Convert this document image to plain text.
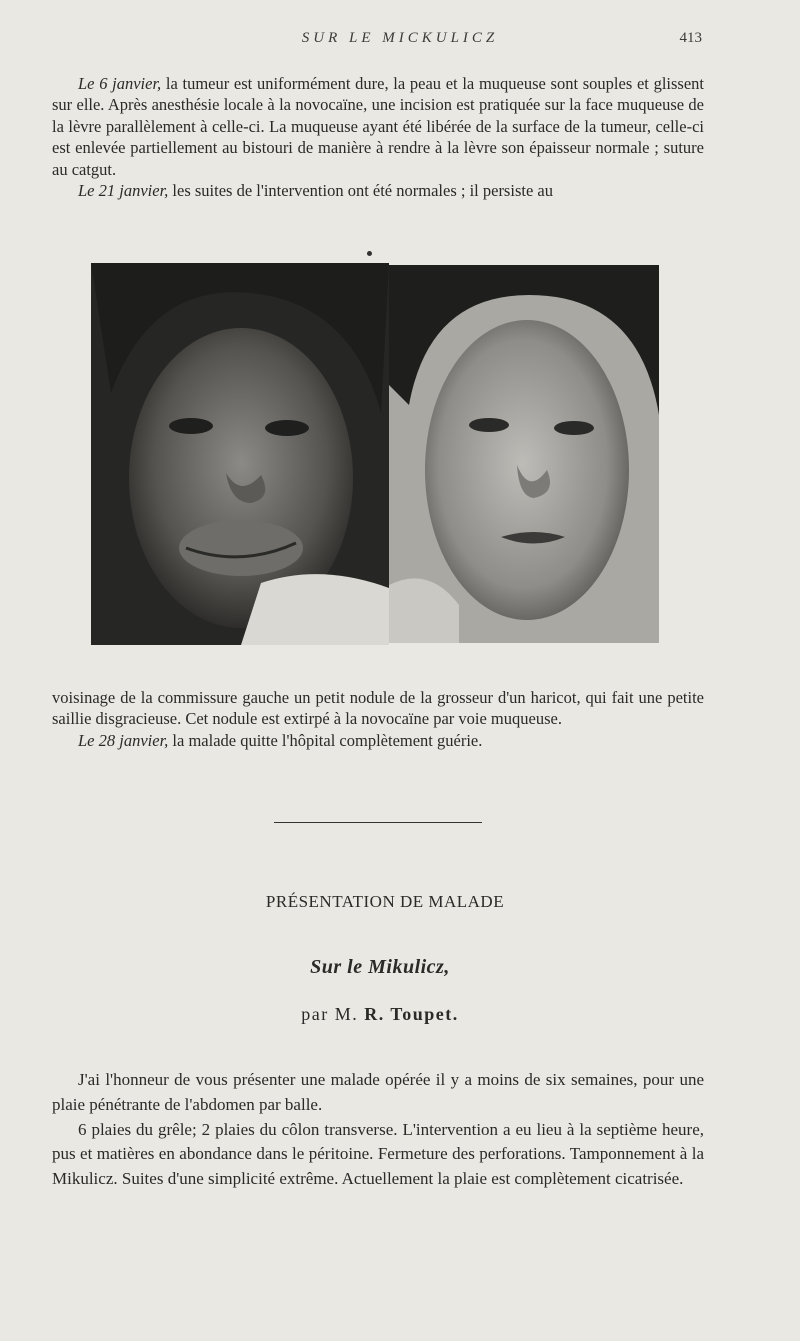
SUR LE MICKULICZ	413

Le 6 janvier, la tumeur est uniformément dure, la peau et la muqueuse sont souples et glissent sur elle. Après anesthésie locale à la novocaïne, une incision est pratiquée sur la face muqueuse de la lèvre parallèlement à celle-ci. La muqueuse ayant été libérée de la surface de la tumeur, celle-ci est enlevée partiellement au bistouri de manière à rendre à la lèvre son épaisseur normale ; suture au catgut.

Le 21 janvier, les suites de l'intervention ont été normales ; il persiste au

voisinage de la commissure gauche un petit nodule de la grosseur d'un haricot, qui fait une petite saillie disgracieuse. Cet nodule est extirpé à la novocaïne par voie muqueuse.

Le 28 janvier, la malade quitte l'hôpital complètement guérie.

PRÉSENTATION DE MALADE
Sur le Mikulicz,
par M. R. Toupet.

J'ai l'honneur de vous présenter une malade opérée il y a moins de six semaines, pour une plaie pénétrante de l'abdomen par balle.

6 plaies du grêle; 2 plaies du côlon transverse. L'intervention a eu lieu à la septième heure, pus et matières en abondance dans le péritoine. Fermeture des perforations. Tamponnement à la Mikulicz. Suites d'une simplicité extrême. Actuellement la plaie est complètement cicatrisée.
